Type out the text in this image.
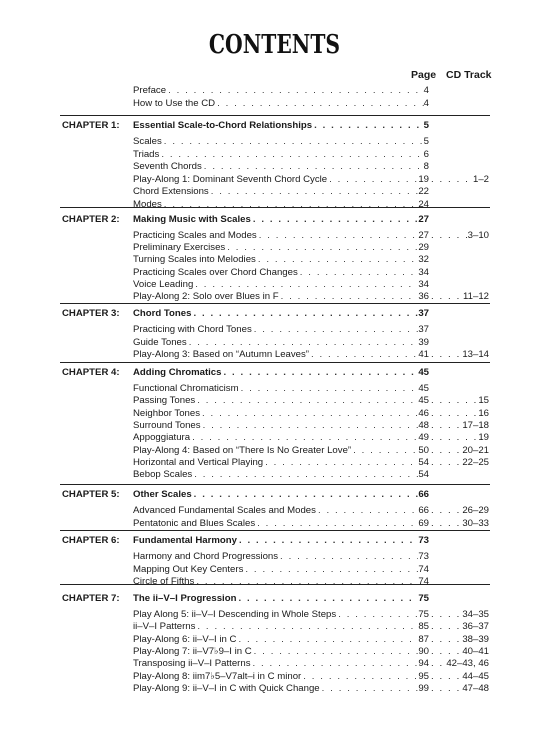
CONTENTS
Page CD Track
Preface . . .	4
How to Use the CD . . .	4
CHAPTER 1: Essential Scale-to-Chord Relationships . . .	5
Scales . . .	5
Triads . . .	6
Seventh Chords . . .	8
Play-Along 1: Dominant Seventh Chord Cycle . . .	19 . . .	1–2
Chord Extensions . . .	22
Modes . . .	24
CHAPTER 2: Making Music with Scales . . .	27
Practicing Scales and Modes . . .	27 . . .	3–10
Preliminary Exercises . . .	29
Turning Scales into Melodies . . .	32
Practicing Scales over Chord Changes . . .	34
Voice Leading . . .	34
Play-Along 2: Solo over Blues in F . . .	36 . . .	11–12
CHAPTER 3: Chord Tones . . .	37
Practicing with Chord Tones . . .	37
Guide Tones . . .	39
Play-Along 3: Based on “Autumn Leaves” . . .	41 . . .	13–14
CHAPTER 4: Adding Chromatics . . .	45
Functional Chromaticism . . .	45
Passing Tones . . .	45 . . .	15
Neighbor Tones . . .	46 . . .	16
Surround Tones . . .	48 . . .	17–18
Appoggiatura . . .	49 . . .	19
Play-Along 4: Based on “There Is No Greater Love” . . .	50 . . .	20–21
Horizontal and Vertical Playing . . .	54 . . .	22–25
Bebop Scales . . .	54
CHAPTER 5: Other Scales . . .	66
Advanced Fundamental Scales and Modes . . .	66 . . .	26–29
Pentatonic and Blues Scales . . .	69 . . .	30–33
CHAPTER 6: Fundamental Harmony . . .	73
Harmony and Chord Progressions . . .	73
Mapping Out Key Centers . . .	74
Circle of Fifths . . .	74
CHAPTER 7: The ii–V–I Progression . . .	75
Play Along 5: ii–V–I Descending in Whole Steps . . .	75 . . .	34–35
ii–V–I Patterns . . .	85 . . .	36–37
Play-Along 6: ii–V–I in C . . .	87 . . .	38–39
Play-Along 7: ii–V7♭9–I in C . . .	90 . . .	40–41
Transposing ii–V–I Patterns . . .	94 . . . 42–43, 46
Play-Along 8: iim7♭5–V7alt–i in C minor . . .	95 . . .	44–45
Play-Along 9: ii–V–I in C with Quick Change . . .	99 . . .	47–48
